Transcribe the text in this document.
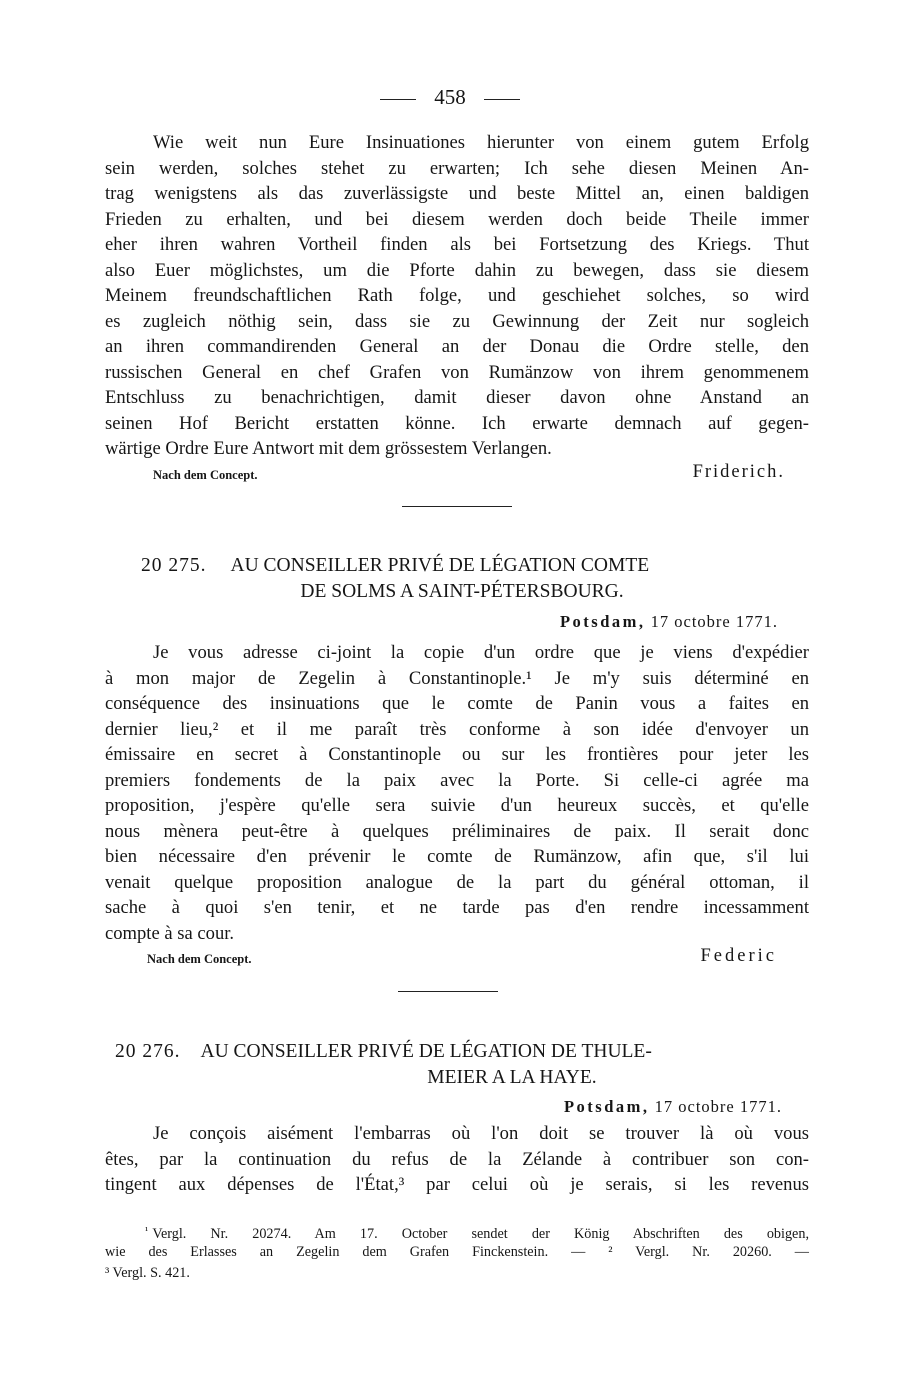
458
Wie weit nun Eure Insinuationes hierunter von einem gutem Erfolg
sein werden, solches stehet zu erwarten; Ich sehe diesen Meinen An-
trag wenigstens als das zuverlässigste und beste Mittel an, einen baldigen
Frieden zu erhalten, und bei diesem werden doch beide Theile immer
eher ihren wahren Vortheil finden als bei Fortsetzung des Kriegs. Thut
also Euer möglichstes, um die Pforte dahin zu bewegen, dass sie diesem
Meinem freundschaftlichen Rath folge, und geschiehet solches, so wird
es zugleich nöthig sein, dass sie zu Gewinnung der Zeit nur sogleich
an ihren commandirenden General an der Donau die Ordre stelle, den
russischen General en chef Grafen von Rumänzow von ihrem genommenem
Entschluss zu benachrichtigen, damit dieser davon ohne Anstand an
seinen Hof Bericht erstatten könne. Ich erwarte demnach auf gegen-
wärtige Ordre Eure Antwort mit dem grössestem Verlangen.
Nach dem Concept.	Friderich.
20 275. AU CONSEILLER PRIVÉ DE LÉGATION COMTE
DE SOLMS A SAINT-PÉTERSBOURG.
Potsdam, 17 octobre 1771.
Je vous adresse ci-joint la copie d'un ordre que je viens d'expédier
à mon major de Zegelin à Constantinople.¹ Je m'y suis déterminé en
conséquence des insinuations que le comte de Panin vous a faites en
dernier lieu,² et il me paraît très conforme à son idée d'envoyer un
émissaire en secret à Constantinople ou sur les frontières pour jeter les
premiers fondements de la paix avec la Porte. Si celle-ci agrée ma
proposition, j'espère qu'elle sera suivie d'un heureux succès, et qu'elle
nous mènera peut-être à quelques préliminaires de paix. Il serait donc
bien nécessaire d'en prévenir le comte de Rumänzow, afin que, s'il lui
venait quelque proposition analogue de la part du général ottoman, il
sache à quoi s'en tenir, et ne tarde pas d'en rendre incessamment
compte à sa cour.
Nach dem Concept.	Federic
20 276. AU CONSEILLER PRIVÉ DE LÉGATION DE THULE-
MEIER A LA HAYE.
Potsdam, 17 octobre 1771.
Je conçois aisément l'embarras où l'on doit se trouver là où vous
êtes, par la continuation du refus de la Zélande à contribuer son con-
tingent aux dépenses de l'État,³ par celui où je serais, si les revenus
$^{^1}$ Vergl. Nr. 20274. Am 17. October sendet der König Abschriften des obigen,
wie des Erlasses an Zegelin dem Grafen Finckenstein. — ² Vergl. Nr. 20260. —
³ Vergl. S. 421.
